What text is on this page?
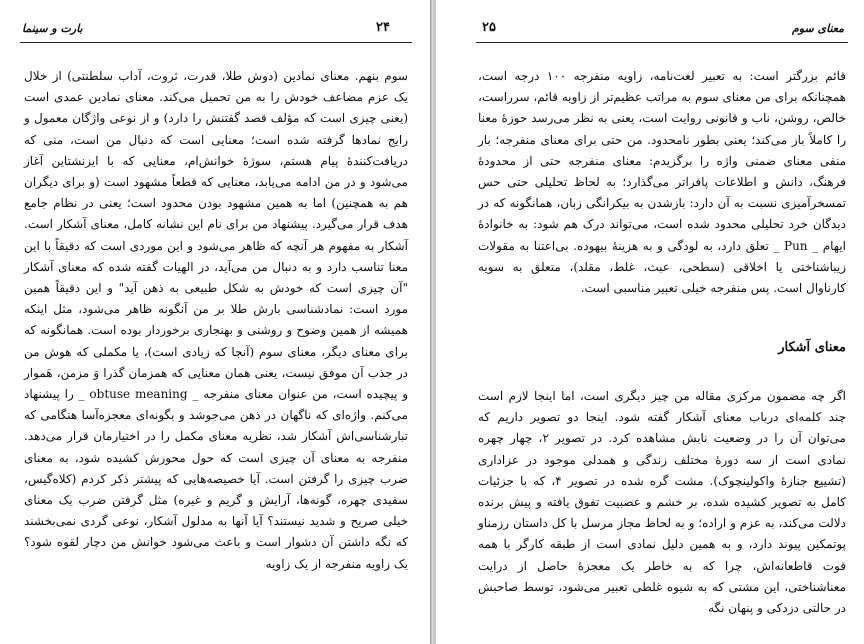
بارت و سینما	۲۴

سوم بنهم. معنای نمادین (دوش طلا، قدرت، ثروت، آداب سلطنتی) از خلال یک عزم مضاعف خودش را به من تحمیل می‌کند. معنای نمادین عمدی است (یعنی چیزی است که مؤلف قصد گفتنش را دارد) و از نوعی واژگان معمول و رایج نمادها گرفته شده است؛ معنایی است که دنبال من است، منی که دریافت‌کنندهٔ پیام هستم، سوژهٔ خوانش‌ام، معنایی که با ایزنشتاین آغاز می‌شود و در من ادامه می‌یابد، معنایی که قطعاً مشهود است (و برای دیگران هم به همچنین) اما به همین مشهود بودن محدود است؛ یعنی در نظام جامع هدف قرار می‌گیرد. پیشنهاد من برای نام این نشانه کامل، معنای آشکار است. آشکار به مفهوم هر آنچه که ظاهر می‌شود و این موردی است که دقیقاً با این معنا تناسب دارد و به دنبال من می‌آید، در الهیات گفته شده که معنای آشکار "آن چیزی است که خودش به شکل طبیعی به ذهن آید" و این دقیقاً همین مورد است: نمادشناسی بارش طلا بر من آنگونه ظاهر می‌شود، مثل اینکه همیشه از همین وضوح و روشنی و بهنجاری برخوردار بوده است. همانگونه که برای معنای دیگر، معنای سوم (آنجا که زیادی است)، یا مکملی که هوش من در جذب آن موفق نیست، یعنی همان معنایی که همزمان گذرا وَ مزمن، هَموار و پیچیده است، من عنوان معنای منفرجه _ obtuse meaning _ را پیشنهاد می‌کنم. واژه‌ای که ناگهان در ذهن می‌جوشد و بگونه‌ای معجزه‌آسا هنگامی که تبارشناسی‌اش آشکار شد، نظریه معنای مکمل را در اختیارمان قرار می‌دهد. منفرجه به معنای آن چیزی است که حول محورش کشیده شود، به معنای ضرب چیزی را گرفتن است. آیا خصیصه‌هایی که پیشتر ذکر کردم (کلاه‌گیس، سفیدی چهره، گونه‌ها، آرایش و گریم و غیره) مثل گرفتن ضرب یک معنای خیلی صریح و شدید نیستند؟ آیا آنها به مدلول آشکار، نوعی گردی نمی‌بخشند که نگه داشتن آن دشوار است و باعث می‌شود خوانش من دچار لقوه شود؟ یک زاویه منفرجه از یک زاویه

۲۵	معنای سوم

قائم بزرگتر است: به تعبیر لغت‌نامه، زاویه منفرجه ۱۰۰ درجه است، همچنانکه برای من معنای سوم به مراتب عظیم‌تر از زاویه قائم، سرراست، خالص، روشن، ناب و قانونی روایت است، یعنی به نظر می‌رسد حوزهٔ معنا را کاملاً باز می‌کند؛ یعنی بطور نامحدود. من حتی برای معنای منفرجه؛ بار منفی معنای ضمنی واژه را برگزیدم: معنای منفرجه حتی از محدودهٔ فرهنگ، دانش و اطلاعات پافراتر می‌گذارد؛ به لحاظ تحلیلی حتی حس تمسخرآمیزی نسبت به آن دارد: بازشدن به بیکرانگی زبان، همانگونه که در دیدگان خرد تحلیلی محدود شده است، می‌تواند درک هم شود: به خانوادهٔ ایهام _ Pun _ تعلق دارد، به لودگی و به هزینهٔ بیهوده. بی‌اعتنا به مقولات زیباشناختی یا اخلاقی (سطحی، عبث، غلط، مقلد)، متعلق به سویه کارناوال است. پس منفرجه خیلی تعبیر مناسبی است.

معنای آشکار

اگر چه مضمون مرکزی مقاله من چیز دیگری است، اما اینجا لازم است چند کلمه‌ای درباب معنای آشکار گفته شود. اینجا دو تصویر داریم که می‌توان آن را در وضعیت نابش مشاهده کرد. در تصویر ۲، چهار چهره نمادی است از سه دورهٔ مختلف زندگی و همدلی موجود در عزاداری (تشییع جنازهٔ واکولینچوک). مشت گره شده در تصویر ۴، که با جزئیات کامل به تصویر کشیده شده، بر خشم و عصبیت تفوق یافته و پیش برنده دلالت می‌کند، به عزم و اراده؛ و به لحاظ مجاز مرسل با کل داستان رزمناو پوتمکین پیوند دارد، و به همین دلیل نمادی است از طبقه کارگر با همه قوت قاطعانه‌اش، چرا که به خاطر یک معجزهٔ حاصل از درایت معناشناختی، این مشتی که به شیوه غلطی تعبیر می‌شود، توسط صاحبش در حالتی دزدکی و پنهان نگه
